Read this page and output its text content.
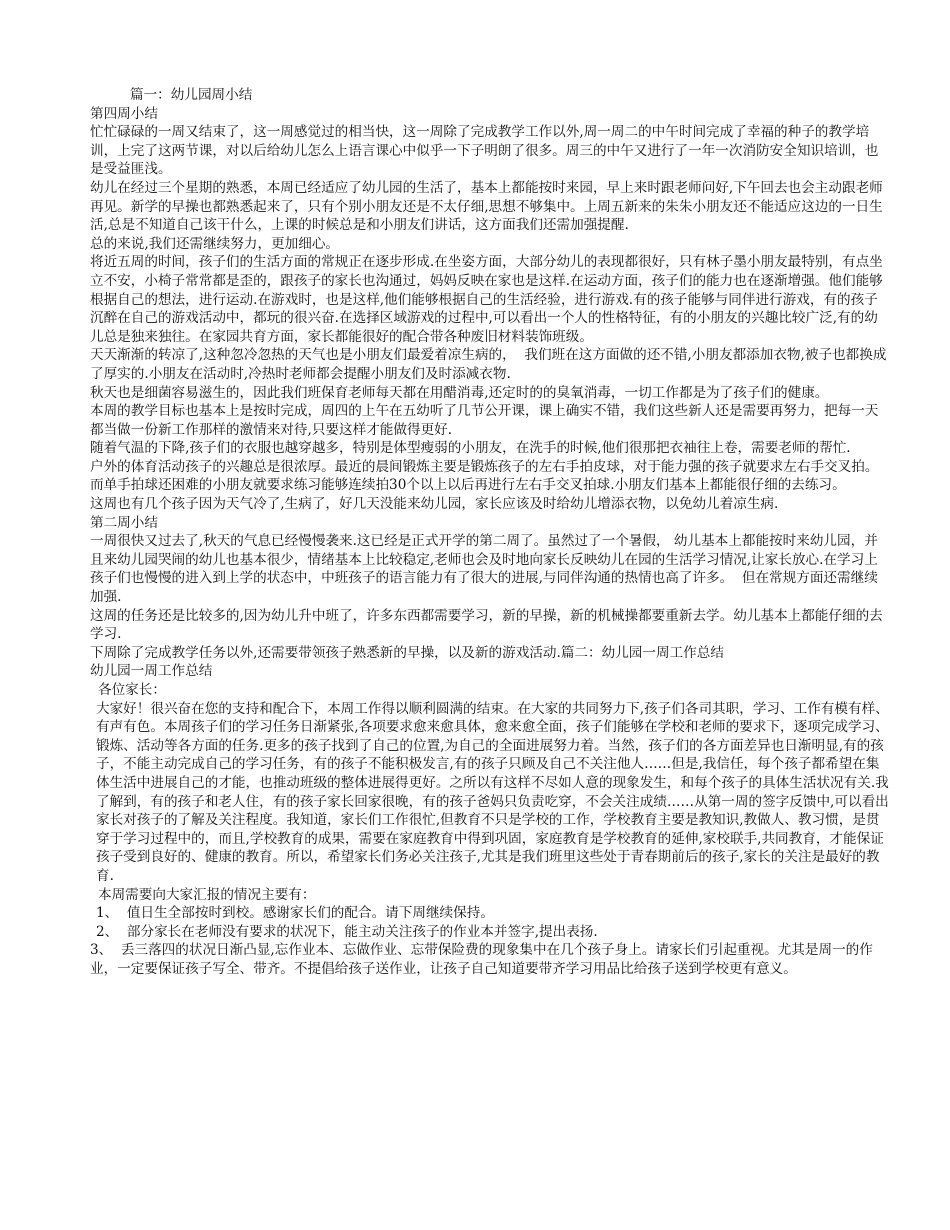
篇一：幼儿园周小结

第四周小结

忙忙碌碌的一周又结束了，这一周感觉过的相当快，这一周除了完成教学工作以外,周一周二的中午时间完成了幸福的种子的教学培训，上完了这两节课，对以后给幼儿怎么上语言课心中似乎一下子明朗了很多。周三的中午又进行了一年一次消防安全知识培训，也是受益匪浅。

幼儿在经过三个星期的熟悉，本周已经适应了幼儿园的生活了，基本上都能按时来园，早上来时跟老师问好,下午回去也会主动跟老师再见。新学的早操也都熟悉起来了，只有个别小朋友还是不太仔细,思想不够集中。上周五新来的朱朱小朋友还不能适应这边的一日生活,总是不知道自己该干什么，上课的时候总是和小朋友们讲话，这方面我们还需加强提醒.

总的来说,我们还需继续努力，更加细心。

将近五周的时间，孩子们的生活方面的常规正在逐步形成.在坐姿方面，大部分幼儿的表现都很好，只有林子墨小朋友最特别，有点坐立不安，小椅子常常都是歪的，跟孩子的家长也沟通过，妈妈反映在家也是这样.在运动方面，孩子们的能力也在逐渐增强。他们能够根据自己的想法，进行运动.在游戏时，也是这样,他们能够根据自己的生活经验，进行游戏.有的孩子能够与同伴进行游戏，有的孩子沉醉在自己的游戏活动中，都玩的很兴奋.在选择区域游戏的过程中,可以看出一个人的性格特征，有的小朋友的兴趣比较广泛,有的幼儿总是独来独往。在家园共育方面，家长都能很好的配合带各种废旧材料装饰班级。

天天渐渐的转凉了,这种忽冷忽热的天气也是小朋友们最爱着凉生病的，  我们班在这方面做的还不错,小朋友都添加衣物,被子也都换成了厚实的.小朋友在活动时,冷热时老师都会提醒小朋友们及时添减衣物.

秋天也是细菌容易滋生的，因此我们班保育老师每天都在用醋消毒,还定时的的臭氧消毒，一切工作都是为了孩子们的健康。

本周的教学目标也基本上是按时完成，周四的上午在五幼听了几节公开课，课上确实不错，我们这些新人还是需要再努力，把每一天都当做一份新工作那样的激情来对待,只要这样才能做得更好.

随着气温的下降,孩子们的衣服也越穿越多，特别是体型瘦弱的小朋友，在洗手的时候,他们很那把衣袖往上卷，需要老师的帮忙.

户外的体育活动孩子的兴趣总是很浓厚。最近的晨间锻炼主要是锻炼孩子的左右手拍皮球，对于能力强的孩子就要求左右手交叉拍。而单手拍球还困难的小朋友就要求练习能够连续拍30个以上以后再进行左右手交叉拍球.小朋友们基本上都能很仔细的去练习。

这周也有几个孩子因为天气冷了,生病了，好几天没能来幼儿园，家长应该及时给幼儿增添衣物，以免幼儿着凉生病.

第二周小结

一周很快又过去了,秋天的气息已经慢慢袭来.这已经是正式开学的第二周了。虽然过了一个暑假， 幼儿基本上都能按时来幼儿园，并且来幼儿园哭闹的幼儿也基本很少，情绪基本上比较稳定,老师也会及时地向家长反映幼儿在园的生活学习情况,让家长放心.在学习上孩子们也慢慢的进入到上学的状态中，中班孩子的语言能力有了很大的进展,与同伴沟通的热情也高了许多。  但在常规方面还需继续加强.

这周的任务还是比较多的,因为幼儿升中班了，许多东西都需要学习，新的早操，新的机械操都要重新去学。幼儿基本上都能仔细的去学习.

下周除了完成教学任务以外,还需要带领孩子熟悉新的早操，以及新的游戏活动.篇二：幼儿园一周工作总结

幼儿园一周工作总结

各位家长：

大家好！很兴奋在您的支持和配合下，本周工作得以顺利圆满的结束。在大家的共同努力下,孩子们各司其职，学习、工作有模有样、有声有色。本周孩子们的学习任务日渐紧张,各项要求愈来愈具体，愈来愈全面，孩子们能够在学校和老师的要求下，逐项完成学习、锻炼、活动等各方面的任务.更多的孩子找到了自己的位置,为自己的全面进展努力着。当然，孩子们的各方面差异也日渐明显,有的孩子，不能主动完成自己的学习任务，有的孩子不能积极发言,有的孩子只顾及自己不关注他人……但是,我信任，每个孩子都希望在集体生活中进展自己的才能，也推动班级的整体进展得更好。之所以有这样不尽如人意的现象发生，和每个孩子的具体生活状况有关.我了解到，有的孩子和老人住，有的孩子家长回家很晚，有的孩子爸妈只负责吃穿，不会关注成绩……从第一周的签字反馈中,可以看出家长对孩子的了解及关注程度。我知道，家长们工作很忙,但教育不只是学校的工作，学校教育主要是教知识,教做人、教习惯，是贯穿于学习过程中的，而且,学校教育的成果，需要在家庭教育中得到巩固，家庭教育是学校教育的延伸,家校联手,共同教育，才能保证孩子受到良好的、健康的教育。所以，希望家长们务必关注孩子,尤其是我们班里这些处于青春期前后的孩子,家长的关注是最好的教育.

本周需要向大家汇报的情况主要有：

1、  值日生全部按时到校。感谢家长们的配合。请下周继续保持。

2、  部分家长在老师没有要求的状况下，能主动关注孩子的作业本并签字,提出表扬.

3、  丢三落四的状况日渐凸显,忘作业本、忘做作业、忘带保险费的现象集中在几个孩子身上。请家长们引起重视。尤其是周一的作业，一定要保证孩子写全、带齐。不提倡给孩子送作业，让孩子自己知道要带齐学习用品比给孩子送到学校更有意义。
